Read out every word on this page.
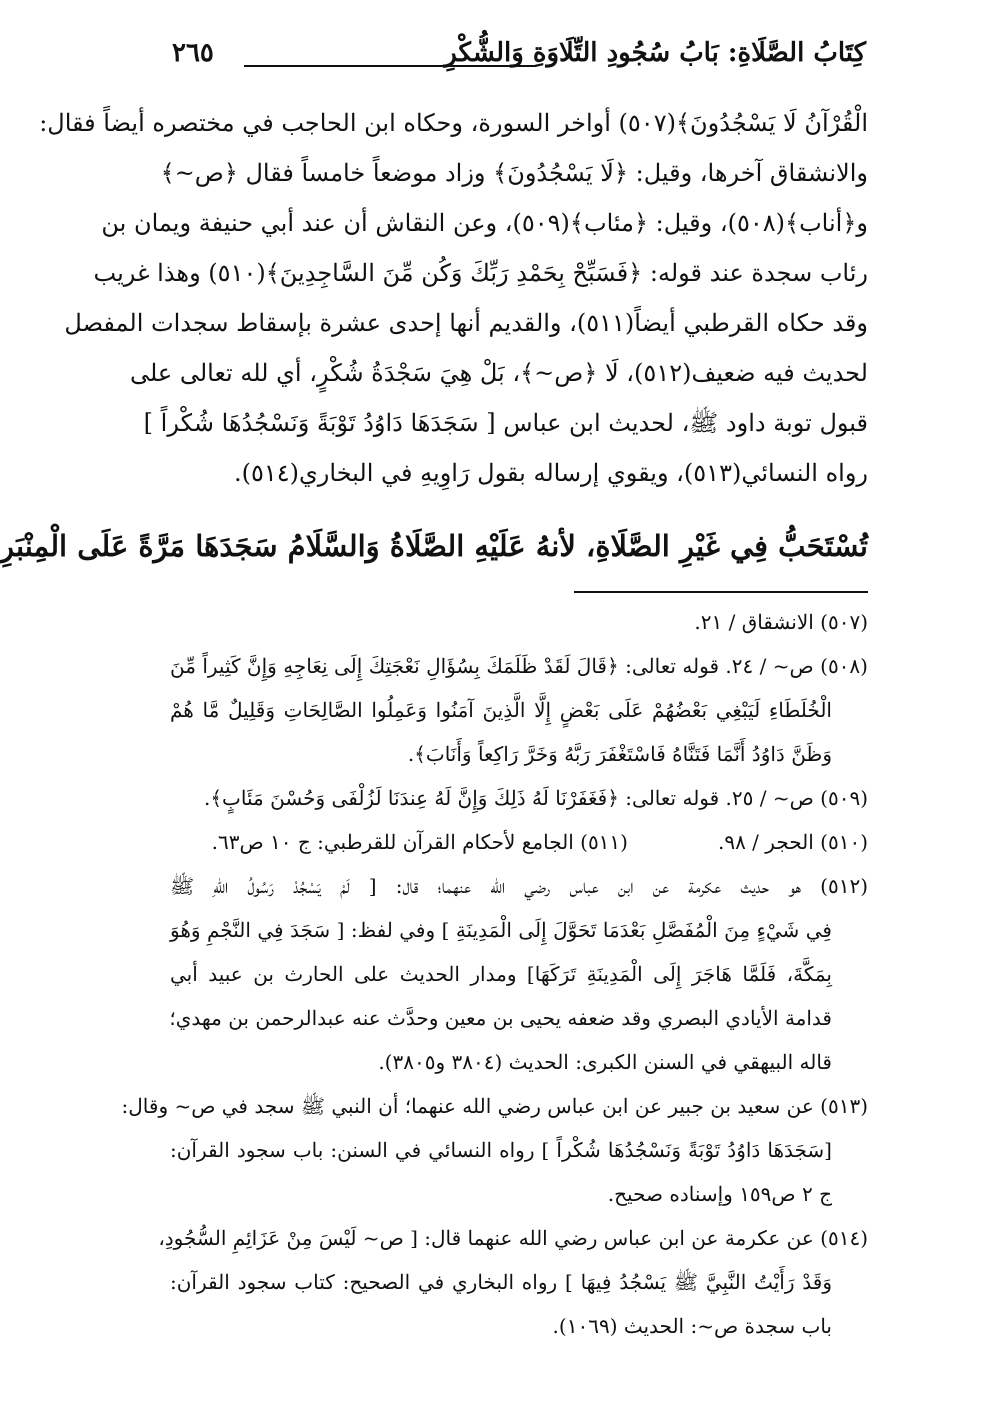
كِتَابُ الصَّلَاةِ: بَابُ سُجُودِ التِّلَاوَةِ وَالشُّكْرِ
٢٦٥
الْقُرْآنُ لَا يَسْجُدُونَ﴾(٥٠٧) أواخر السورة، وحكاه ابن الحاجب في مختصره أيضاً فقال:
والانشقاق آخرها، وقيل: ﴿لَا يَسْجُدُونَ﴾ وزاد موضعاً خامساً فقال ﴿ص~﴾
و﴿أناب﴾(٥٠٨)، وقيل: ﴿مئاب﴾(٥٠٩)، وعن النقاش أن عند أبي حنيفة ويمان بن
رئاب سجدة عند قوله: ﴿فَسَبِّحْ بِحَمْدِ رَبِّكَ وَكُن مِّنَ السَّاجِدِينَ﴾(٥١٠) وهذا غريب
وقد حكاه القرطبي أيضاً(٥١١)، والقديم أنها إحدى عشرة بإسقاط سجدات المفصل
لحديث فيه ضعيف(٥١٢)، لَا ﴿ص~﴾، بَلْ هِيَ سَجْدَةُ شُكْرٍ، أي لله تعالى على
قبول توبة داود ﷺ، لحديث ابن عباس [ سَجَدَهَا دَاوُدُ تَوْبَةً وَنَسْجُدُهَا شُكْراً ]
رواه النسائي(٥١٣)، ويقوي إرساله بقول رَاوِيهِ في البخاري(٥١٤).
تُسْتَحَبُّ فِي غَيْرِ الصَّلَاةِ، لأنهُ عَلَيْهِ الصَّلَاةُ وَالسَّلَامُ سَجَدَهَا مَرَّةً عَلَى الْمِنْبَرِ
(٥٠٧) الانشقاق / ٢١.
(٥٠٨) ص~ / ٢٤. قوله تعالى: ﴿قَالَ لَقَدْ ظَلَمَكَ بِسُؤَالِ نَعْجَتِكَ إِلَى نِعَاجِهِ وَإِنَّ كَثِيراً مِّنَ
الْخُلَطَاءِ لَيَبْغِي بَعْضُهُمْ عَلَى بَعْضٍ إِلَّا الَّذِينَ آمَنُوا وَعَمِلُوا الصَّالِحَاتِ وَقَلِيلٌ مَّا هُمْ
وَظَنَّ دَاوُدُ أَنَّمَا فَتَنَّاهُ فَاسْتَغْفَرَ رَبَّهُ وَخَرَّ رَاكِعاً وَأَنَابَ﴾.
(٥٠٩) ص~ / ٢٥. قوله تعالى: ﴿فَغَفَرْنَا لَهُ ذَلِكَ وَإِنَّ لَهُ عِندَنَا لَزُلْفَى وَحُسْنَ مَئَابٍ﴾.
(٥١٠) الحجر / ٩٨.
(٥١١) الجامع لأحكام القرآن للقرطبي: ج ١٠ ص٦٣.
(٥١٢) هو حديث عكرمة عن ابن عباس رضي الله عنهما؛ قال: [ لَمْ يَسْجُدْ رَسُولُ اللهِ ﷺ
فِي شَيْءٍ مِنَ الْمُفَصَّلِ بَعْدَمَا تَحَوَّلَ إِلَى الْمَدِينَةِ ] وفي لفظ: [ سَجَدَ فِي النَّجْمِ وَهُوَ
بِمَكَّةَ، فَلَمَّا هَاجَرَ إِلَى الْمَدِينَةِ تَرَكَهَا] ومدار الحديث على الحارث بن عبيد أبي
قدامة الأيادي البصري وقد ضعفه يحيى بن معين وحدَّث عنه عبدالرحمن بن مهدي؛
قاله البيهقي في السنن الكبرى: الحديث (٣٨٠٤ و٣٨٠٥).
(٥١٣) عن سعيد بن جبير عن ابن عباس رضي الله عنهما؛ أن النبي ﷺ سجد في ص~ وقال:
[سَجَدَهَا دَاوُدُ تَوْبَةً وَنَسْجُدُهَا شُكْراً ] رواه النسائي في السنن: باب سجود القرآن:
ج ٢ ص١٥٩ وإسناده صحيح.
(٥١٤) عن عكرمة عن ابن عباس رضي الله عنهما قال: [ ص~ لَيْسَ مِنْ عَزَائِمِ السُّجُودِ،
وَقَدْ رَأَيْتُ النَّبِيَّ ﷺ يَسْجُدُ فِيهَا ] رواه البخاري في الصحيح: كتاب سجود القرآن:
باب سجدة ص~: الحديث (١٠٦٩).
